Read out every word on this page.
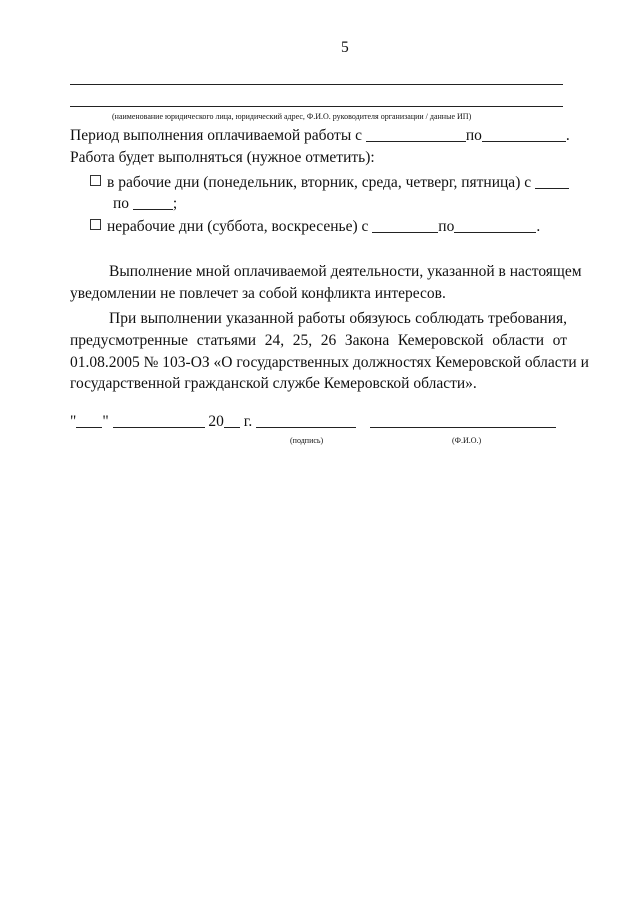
5
(наименование юридического лица, юридический адрес, Ф.И.О. руководителя организации / данные ИП)
Период выполнения оплачиваемой работы с	по	.
Работа будет выполняться (нужное отметить):
в рабочие дни (понедельник, вторник, среда, четверг, пятница) с
по	;
нерабочие дни (суббота, воскресенье) с	по	.
Выполнение мной оплачиваемой деятельности, указанной в настоящем
уведомлении не повлечет за собой конфликта интересов.
При выполнении указанной работы обязуюсь соблюдать требования,
предусмотренные статьями 24, 25, 26 Закона Кемеровской области от
01.08.2005 № 103-ОЗ «О государственных должностях Кемеровской области и
государственной гражданской службе Кемеровской области».
" "	20 г.
(подпись)	(Ф.И.О.)
